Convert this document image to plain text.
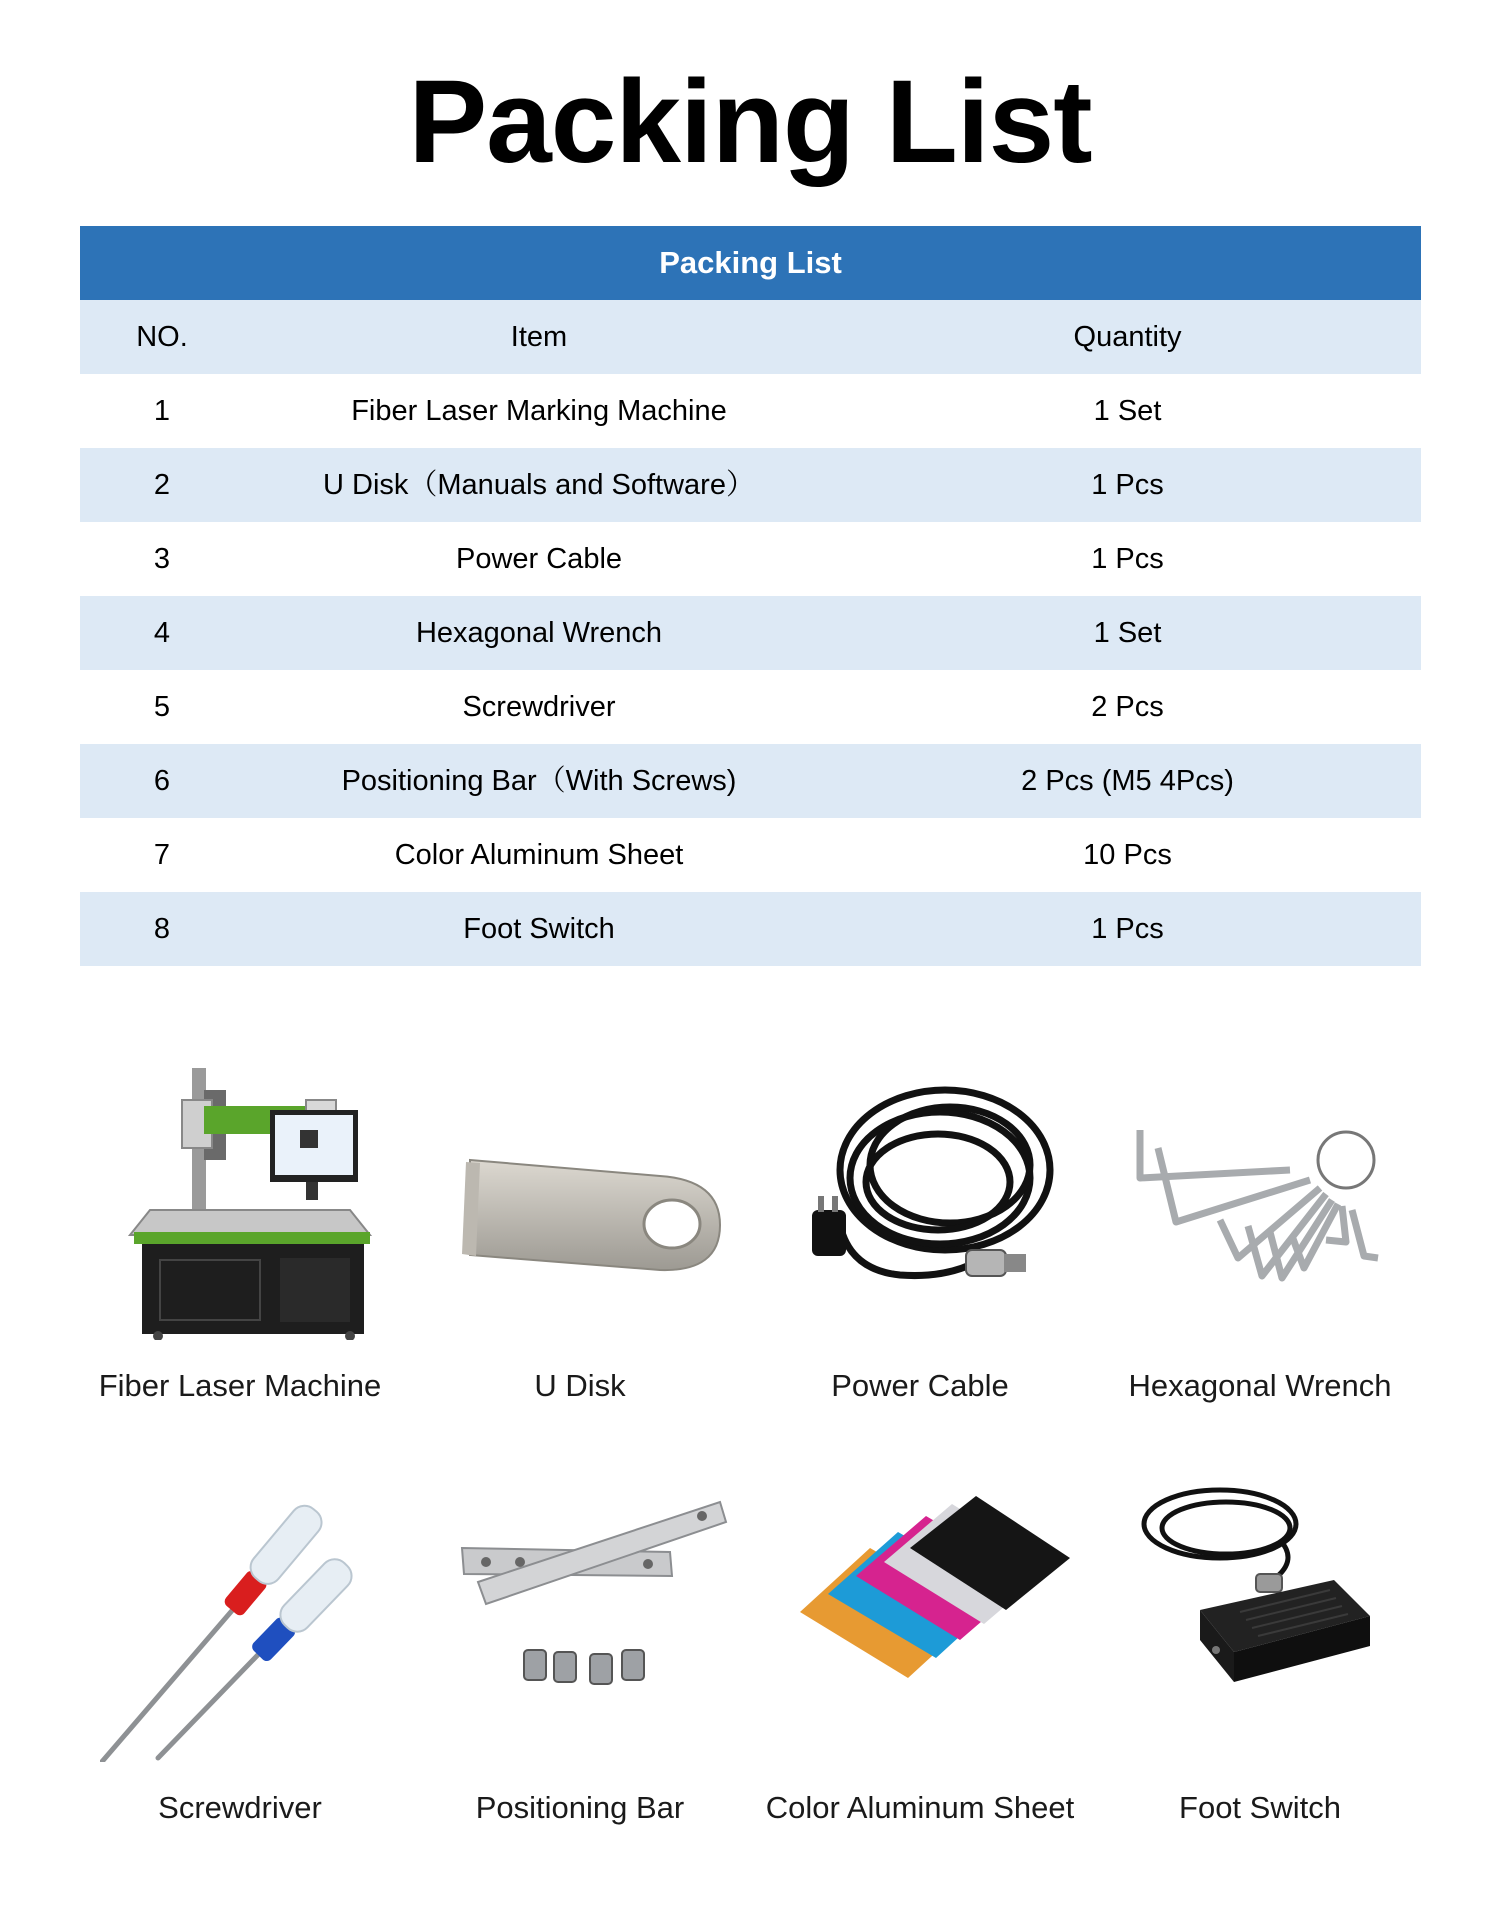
Packing List
Packing List		
NO.	Item	Quantity
1	Fiber Laser Marking Machine	1 Set
2	U Disk（Manuals and Software）	1 Pcs
3	Power Cable	1 Pcs
4	Hexagonal Wrench	1 Set
5	Screwdriver	2 Pcs
6	Positioning Bar（With Screws)	2 Pcs (M5 4Pcs)
7	Color Aluminum Sheet	10 Pcs
8	Foot Switch	1 Pcs
Fiber Laser Machine	U Disk	Power Cable	Hexagonal Wrench
Screwdriver	Positioning Bar	Color Aluminum Sheet	Foot Switch
